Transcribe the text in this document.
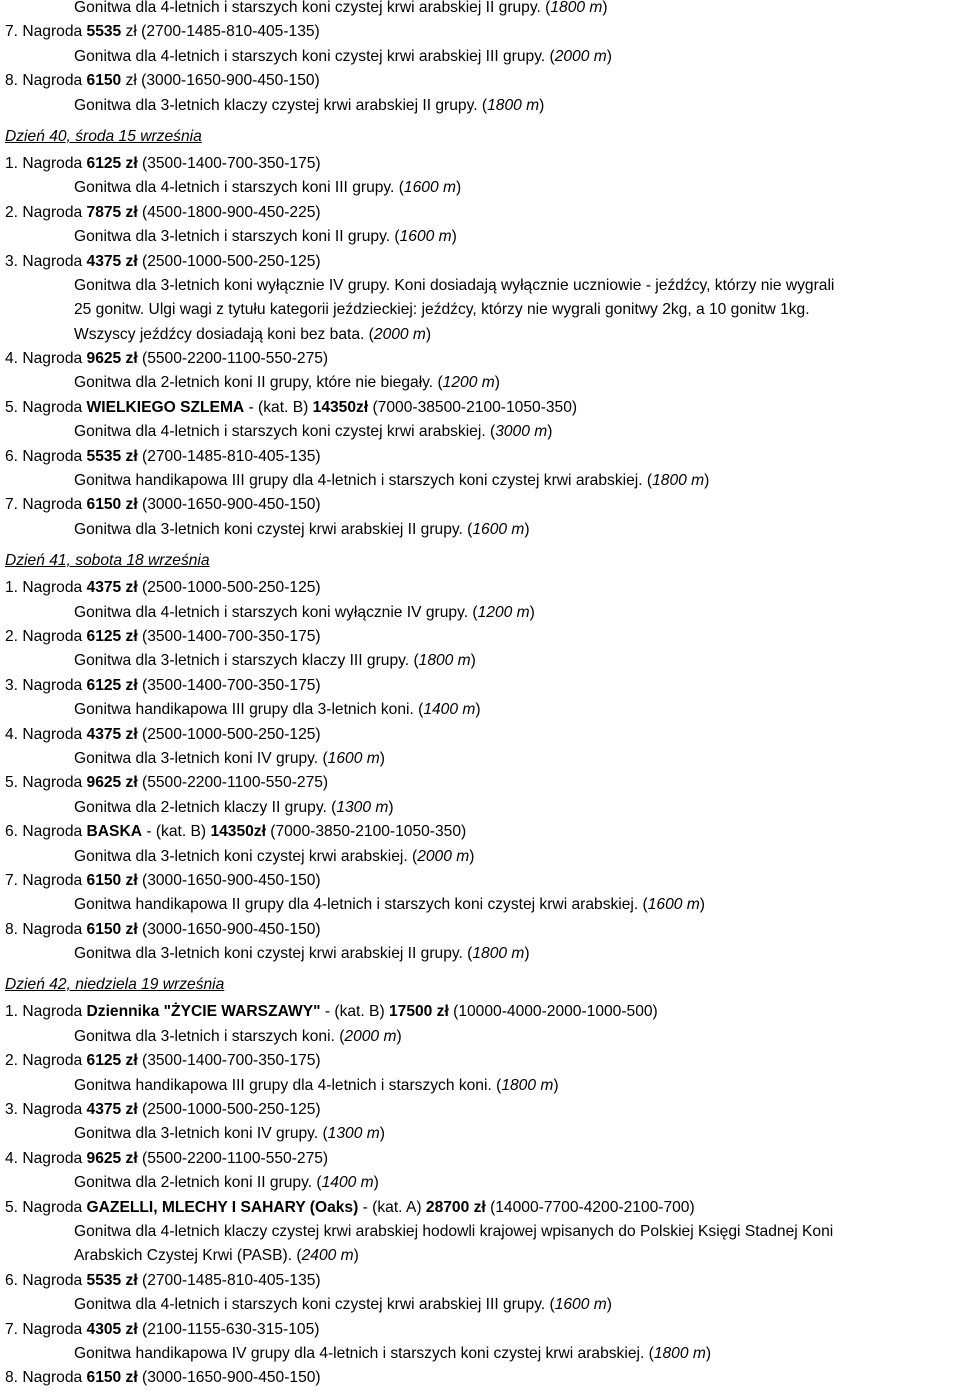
Gonitwa dla 4-letnich i starszych koni czystej krwi arabskiej II grupy. (1800 m)
7. Nagroda 5535 zł (2700-1485-810-405-135)
Gonitwa dla 4-letnich i starszych koni czystej krwi arabskiej III grupy. (2000 m)
8. Nagroda 6150 zł (3000-1650-900-450-150)
Gonitwa dla 3-letnich klaczy czystej krwi arabskiej II grupy. (1800 m)
Dzień 40, środa 15 września
1. Nagroda 6125 zł (3500-1400-700-350-175)
Gonitwa dla 4-letnich i starszych koni III grupy. (1600 m)
2. Nagroda 7875 zł (4500-1800-900-450-225)
Gonitwa dla 3-letnich i starszych koni II grupy. (1600 m)
3. Nagroda 4375 zł (2500-1000-500-250-125)
Gonitwa dla 3-letnich koni wyłącznie IV grupy. Koni dosiadają wyłącznie uczniowie - jeźdźcy, którzy nie wygrali
25 gonitw. Ulgi wagi z tytułu kategorii jeździeckiej: jeźdźcy, którzy nie wygrali gonitwy 2kg, a 10 gonitw 1kg.
Wszyscy jeźdźcy dosiadają koni bez bata. (2000 m)
4. Nagroda 9625 zł (5500-2200-1100-550-275)
Gonitwa dla 2-letnich koni II grupy, które nie biegały. (1200 m)
5. Nagroda WIELKIEGO SZLEMA - (kat. B) 14350zł (7000-38500-2100-1050-350)
Gonitwa dla 4-letnich i starszych koni czystej krwi arabskiej. (3000 m)
6. Nagroda 5535 zł (2700-1485-810-405-135)
Gonitwa handikapowa III grupy dla 4-letnich i starszych koni czystej krwi arabskiej. (1800 m)
7. Nagroda 6150 zł (3000-1650-900-450-150)
Gonitwa dla 3-letnich koni czystej krwi arabskiej II grupy. (1600 m)
Dzień 41, sobota 18 września
1. Nagroda 4375 zł (2500-1000-500-250-125)
Gonitwa dla 4-letnich i starszych koni wyłącznie IV grupy. (1200 m)
2. Nagroda 6125 zł (3500-1400-700-350-175)
Gonitwa dla 3-letnich i starszych klaczy III grupy. (1800 m)
3. Nagroda 6125 zł (3500-1400-700-350-175)
Gonitwa handikapowa III grupy dla 3-letnich koni. (1400 m)
4. Nagroda 4375 zł (2500-1000-500-250-125)
Gonitwa dla 3-letnich koni IV grupy. (1600 m)
5. Nagroda 9625 zł (5500-2200-1100-550-275)
Gonitwa dla 2-letnich klaczy II grupy. (1300 m)
6. Nagroda BASKA - (kat. B) 14350zł (7000-3850-2100-1050-350)
Gonitwa dla 3-letnich koni czystej krwi arabskiej. (2000 m)
7. Nagroda 6150 zł (3000-1650-900-450-150)
Gonitwa handikapowa II grupy dla 4-letnich i starszych koni czystej krwi arabskiej. (1600 m)
8. Nagroda 6150 zł (3000-1650-900-450-150)
Gonitwa dla 3-letnich koni czystej krwi arabskiej II grupy. (1800 m)
Dzień 42, niedziela 19 września
1. Nagroda Dziennika "ŻYCIE WARSZAWY" - (kat. B) 17500 zł (10000-4000-2000-1000-500)
Gonitwa dla 3-letnich i starszych koni. (2000 m)
2. Nagroda 6125 zł (3500-1400-700-350-175)
Gonitwa handikapowa III grupy dla 4-letnich i starszych koni. (1800 m)
3. Nagroda 4375 zł (2500-1000-500-250-125)
Gonitwa dla 3-letnich koni IV grupy. (1300 m)
4. Nagroda 9625 zł (5500-2200-1100-550-275)
Gonitwa dla 2-letnich koni II grupy. (1400 m)
5. Nagroda GAZELLI, MLECHY I SAHARY (Oaks) - (kat. A) 28700 zł (14000-7700-4200-2100-700)
Gonitwa dla 4-letnich klaczy czystej krwi arabskiej hodowli krajowej wpisanych do Polskiej Księgi Stadnej Koni
Arabskich Czystej Krwi (PASB). (2400 m)
6. Nagroda 5535 zł (2700-1485-810-405-135)
Gonitwa dla 4-letnich i starszych koni czystej krwi arabskiej III grupy. (1600 m)
7. Nagroda 4305 zł (2100-1155-630-315-105)
Gonitwa handikapowa IV grupy dla 4-letnich i starszych koni czystej krwi arabskiej. (1800 m)
8. Nagroda 6150 zł (3000-1650-900-450-150)
